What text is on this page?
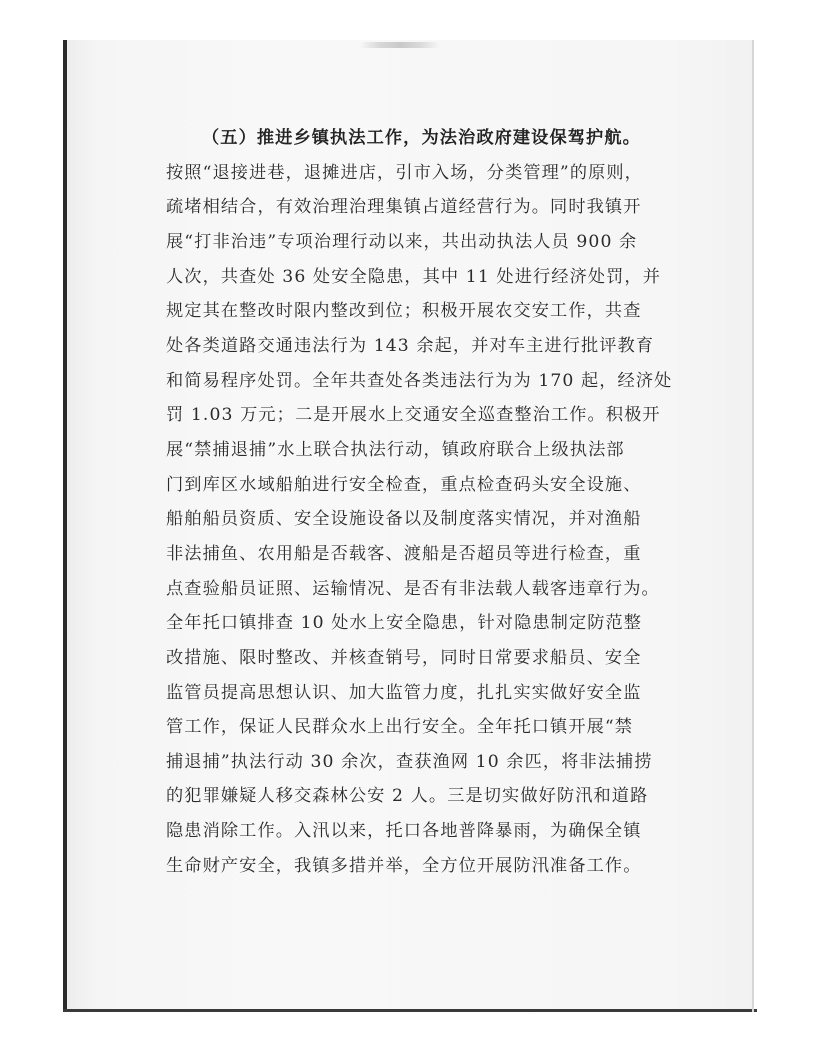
（五）推进乡镇执法工作，为法治政府建设保驾护航。
按照“退接进巷，退摊进店，引市入场，分类管理”的原则，
疏堵相结合，有效治理治理集镇占道经营行为。同时我镇开
展“打非治违”专项治理行动以来，共出动执法人员 900 余
人次，共查处 36 处安全隐患，其中 11 处进行经济处罚，并
规定其在整改时限内整改到位；积极开展农交安工作，共查
处各类道路交通违法行为 143 余起，并对车主进行批评教育
和简易程序处罚。全年共查处各类违法行为为 170 起，经济处
罚 1.03 万元；二是开展水上交通安全巡查整治工作。积极开
展“禁捕退捕”水上联合执法行动，镇政府联合上级执法部
门到库区水域船舶进行安全检查，重点检查码头安全设施、
船舶船员资质、安全设施设备以及制度落实情况，并对渔船
非法捕鱼、农用船是否载客、渡船是否超员等进行检查，重
点查验船员证照、运输情况、是否有非法载人载客违章行为。
全年托口镇排查 10 处水上安全隐患，针对隐患制定防范整
改措施、限时整改、并核查销号，同时日常要求船员、安全
监管员提高思想认识、加大监管力度，扎扎实实做好安全监
管工作，保证人民群众水上出行安全。全年托口镇开展“禁
捕退捕”执法行动 30 余次，查获渔网 10 余匹，将非法捕捞
的犯罪嫌疑人移交森林公安 2 人。三是切实做好防汛和道路
隐患消除工作。入汛以来，托口各地普降暴雨，为确保全镇
生命财产安全，我镇多措并举，全方位开展防汛准备工作。
